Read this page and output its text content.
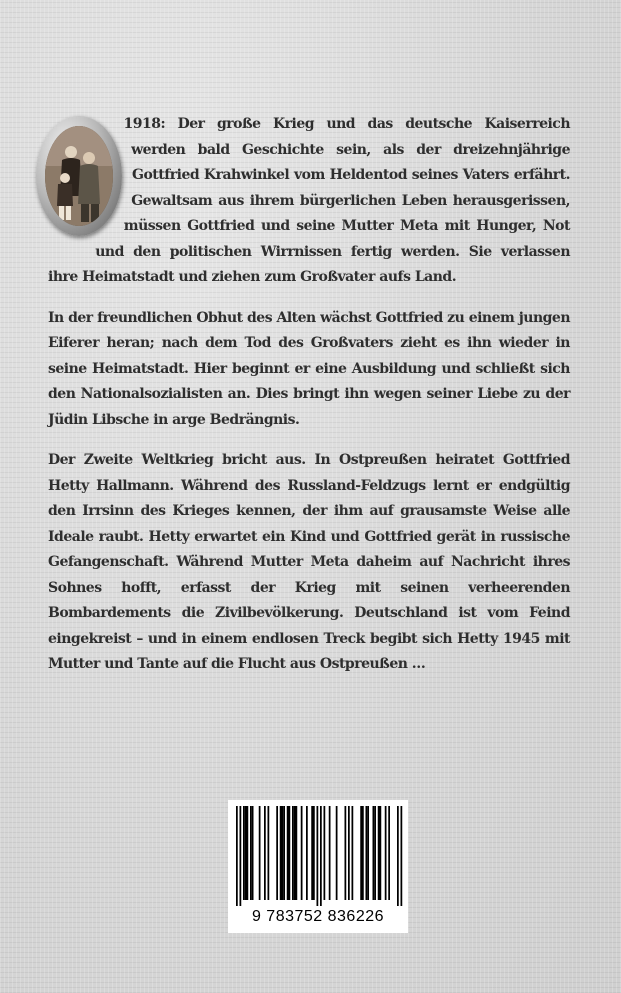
1918: Der große Krieg und das deutsche Kaiserreich werden bald Geschichte sein, als der dreizehnjährige Gottfried Krahwinkel vom Heldentod seines Vaters erfährt. Gewaltsam aus ihrem bürgerlichen Leben herausgerissen, müssen Gottfried und seine Mutter Meta mit Hunger, Not und den politischen Wirrnissen fertig werden. Sie verlassen ihre Heimatstadt und ziehen zum Großvater aufs Land.

In der freundlichen Obhut des Alten wächst Gottfried zu einem jungen Eiferer heran; nach dem Tod des Großvaters zieht es ihn wieder in seine Heimatstadt. Hier beginnt er eine Ausbildung und schließt sich den Nationalsozialisten an. Dies bringt ihn wegen seiner Liebe zu der Jüdin Libsche in arge Bedrängnis.

Der Zweite Weltkrieg bricht aus. In Ostpreußen heiratet Gottfried Hetty Hallmann. Während des Russland-Feldzugs lernt er endgültig den Irrsinn des Krieges kennen, der ihm auf grausamste Weise alle Ideale raubt. Hetty erwartet ein Kind und Gottfried gerät in russische Gefangenschaft. Während Mutter Meta daheim auf Nachricht ihres Sohnes hofft, erfasst der Krieg mit seinen verheerenden Bombardements die Zivilbevölkerung. Deutschland ist vom Feind eingekreist – und in einem endlosen Treck begibt sich Hetty 1945 mit Mutter und Tante auf die Flucht aus Ostpreußen …

9 783752 836226
